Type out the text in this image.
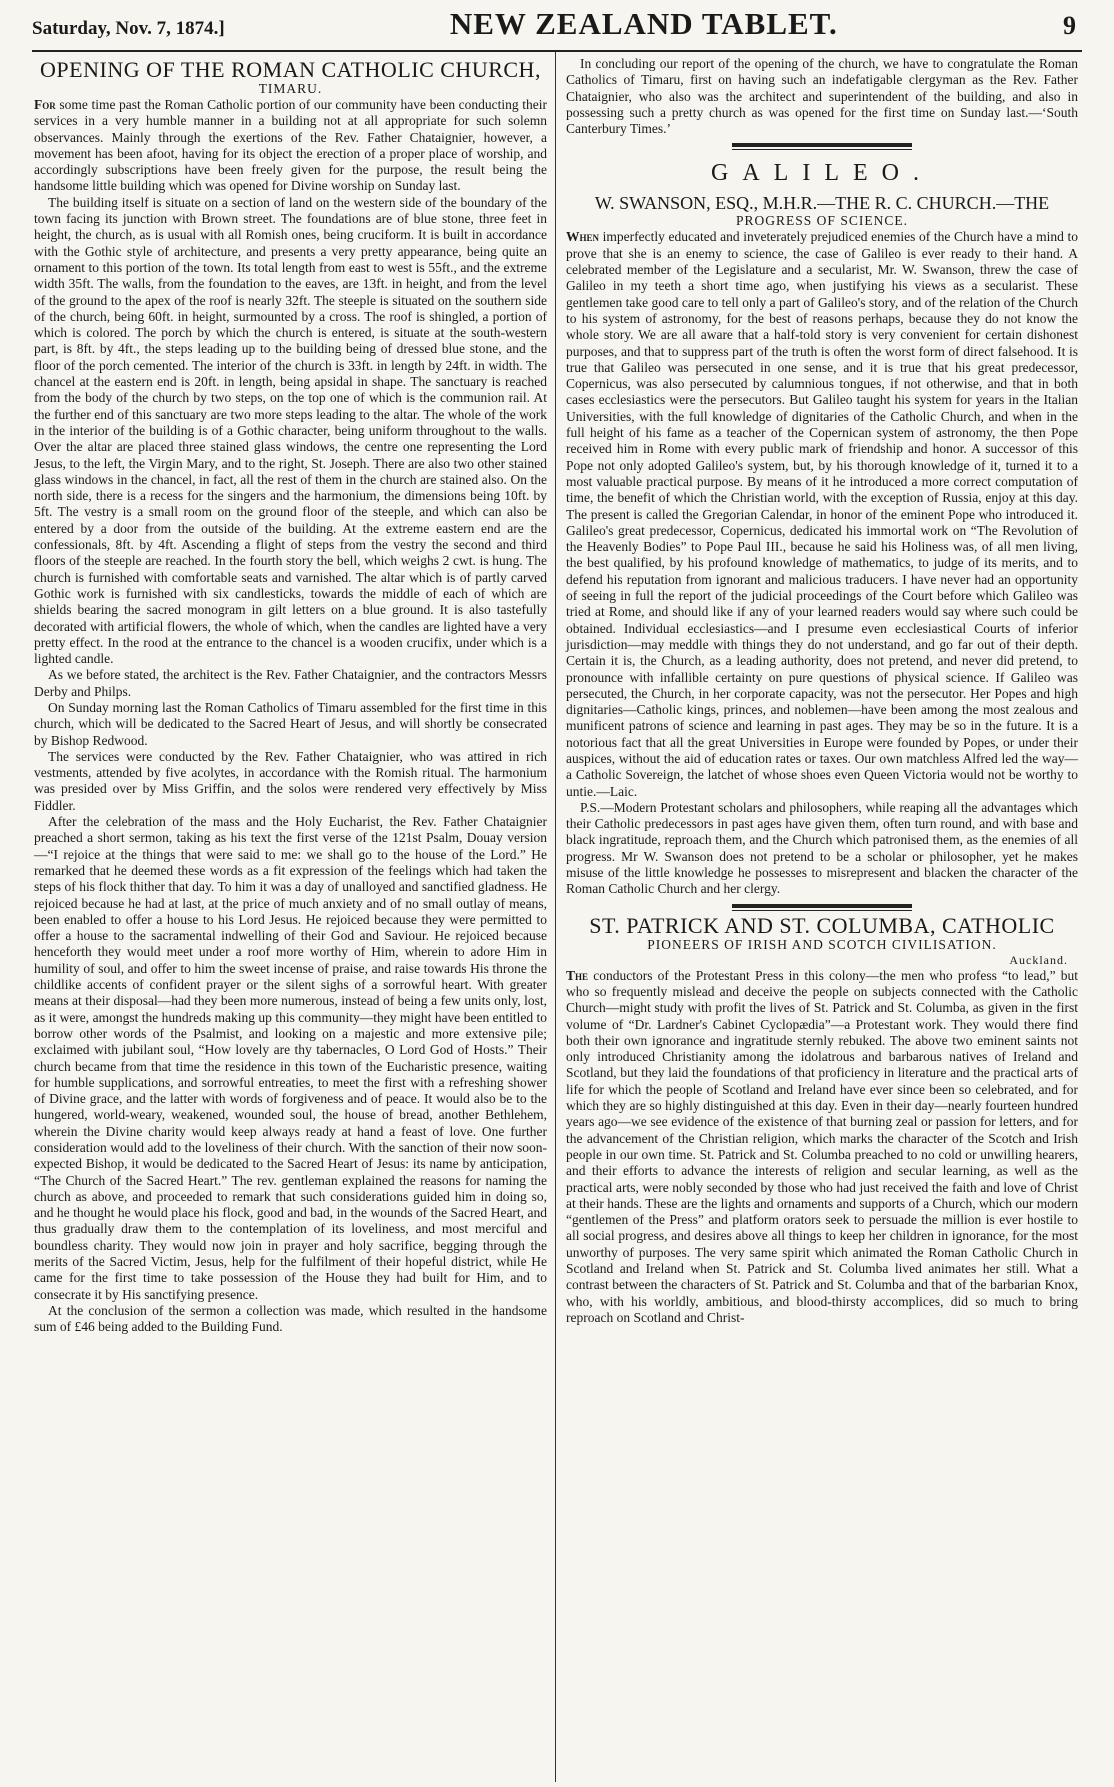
Saturday, Nov. 7, 1874.]	NEW ZEALAND TABLET.	9
OPENING OF THE ROMAN CATHOLIC CHURCH,
TIMARU.

For some time past the Roman Catholic portion of our community have been conducting their services in a very humble manner in a building not at all appropriate for such solemn observances. Mainly through the exertions of the Rev. Father Chataignier, however, a movement has been afoot, having for its object the erection of a proper place of worship, and accordingly subscriptions have been freely given for the purpose, the result being the handsome little building which was opened for Divine worship on Sunday last.

The building itself is situate on a section of land on the western side of the boundary of the town facing its junction with Brown street. The foundations are of blue stone, three feet in height, the church, as is usual with all Romish ones, being cruciform. It is built in accordance with the Gothic style of architecture, and presents a very pretty appearance, being quite an ornament to this portion of the town. Its total length from east to west is 55ft., and the extreme width 35ft. The walls, from the foundation to the eaves, are 13ft. in height, and from the level of the ground to the apex of the roof is nearly 32ft. The steeple is situated on the southern side of the church, being 60ft. in height, surmounted by a cross. The roof is shingled, a portion of which is colored. The porch by which the church is entered, is situate at the south-western part, is 8ft. by 4ft., the steps leading up to the building being of dressed blue stone, and the floor of the porch cemented. The interior of the church is 33ft. in length by 24ft. in width. The chancel at the eastern end is 20ft. in length, being apsidal in shape. The sanctuary is reached from the body of the church by two steps, on the top one of which is the communion rail. At the further end of this sanctuary are two more steps leading to the altar. The whole of the work in the interior of the building is of a Gothic character, being uniform throughout to the walls. Over the altar are placed three stained glass windows, the centre one representing the Lord Jesus, to the left, the Virgin Mary, and to the right, St. Joseph. There are also two other stained glass windows in the chancel, in fact, all the rest of them in the church are stained also. On the north side, there is a recess for the singers and the harmonium, the dimensions being 10ft. by 5ft. The vestry is a small room on the ground floor of the steeple, and which can also be entered by a door from the outside of the building. At the extreme eastern end are the confessionals, 8ft. by 4ft. Ascending a flight of steps from the vestry the second and third floors of the steeple are reached. In the fourth story the bell, which weighs 2 cwt. is hung. The church is furnished with comfortable seats and varnished. The altar which is of partly carved Gothic work is furnished with six candlesticks, towards the middle of each of which are shields bearing the sacred monogram in gilt letters on a blue ground. It is also tastefully decorated with artificial flowers, the whole of which, when the candles are lighted have a very pretty effect. In the rood at the entrance to the chancel is a wooden crucifix, under which is a lighted candle.

As we before stated, the architect is the Rev. Father Chataignier, and the contractors Messrs Derby and Philps.

On Sunday morning last the Roman Catholics of Timaru assembled for the first time in this church, which will be dedicated to the Sacred Heart of Jesus, and will shortly be consecrated by Bishop Redwood.

The services were conducted by the Rev. Father Chataignier, who was attired in rich vestments, attended by five acolytes, in accordance with the Romish ritual. The harmonium was presided over by Miss Griffin, and the solos were rendered very effectively by Miss Fiddler.

After the celebration of the mass and the Holy Eucharist, the Rev. Father Chataignier preached a short sermon, taking as his text the first verse of the 121st Psalm, Douay version—“I rejoice at the things that were said to me: we shall go to the house of the Lord.” He remarked that he deemed these words as a fit expression of the feelings which had taken the steps of his flock thither that day. To him it was a day of unalloyed and sanctified gladness. He rejoiced because he had at last, at the price of much anxiety and of no small outlay of means, been enabled to offer a house to his Lord Jesus. He rejoiced because they were permitted to offer a house to the sacramental indwelling of their God and Saviour. He rejoiced because henceforth they would meet under a roof more worthy of Him, wherein to adore Him in humility of soul, and offer to him the sweet incense of praise, and raise towards His throne the childlike accents of confident prayer or the silent sighs of a sorrowful heart. With greater means at their disposal—had they been more numerous, instead of being a few units only, lost, as it were, amongst the hundreds making up this community—they might have been entitled to borrow other words of the Psalmist, and looking on a majestic and more extensive pile; exclaimed with jubilant soul, “How lovely are thy tabernacles, O Lord God of Hosts.” Their church became from that time the residence in this town of the Eucharistic presence, waiting for humble supplications, and sorrowful entreaties, to meet the first with a refreshing shower of Divine grace, and the latter with words of forgiveness and of peace. It would also be to the hungered, world-weary, weakened, wounded soul, the house of bread, another Bethlehem, wherein the Divine charity would keep always ready at hand a feast of love. One further consideration would add to the loveliness of their church. With the sanction of their now soon-expected Bishop, it would be dedicated to the Sacred Heart of Jesus: its name by anticipation, “The Church of the Sacred Heart.” The rev. gentleman explained the reasons for naming the church as above, and proceeded to remark that such considerations guided him in doing so, and he thought he would place his flock, good and bad, in the wounds of the Sacred Heart, and thus gradually draw them to the contemplation of its loveliness, and most merciful and boundless charity. They would now join in prayer and holy sacrifice, begging through the merits of the Sacred Victim, Jesus, help for the fulfilment of their hopeful district, while He came for the first time to take possession of the House they had built for Him, and to consecrate it by His sanctifying presence.

At the conclusion of the sermon a collection was made, which resulted in the handsome sum of £46 being added to the Building Fund.

In concluding our report of the opening of the church, we have to congratulate the Roman Catholics of Timaru, first on having such an indefatigable clergyman as the Rev. Father Chataignier, who also was the architect and superintendent of the building, and also in possessing such a pretty church as was opened for the first time on Sunday last.—‘South Canterbury Times.’

GALILEO.
W. SWANSON, ESQ., M.H.R.—THE R. C. CHURCH.—THE
PROGRESS OF SCIENCE.

When imperfectly educated and inveterately prejudiced enemies of the Church have a mind to prove that she is an enemy to science, the case of Galileo is ever ready to their hand. A celebrated member of the Legislature and a secularist, Mr. W. Swanson, threw the case of Galileo in my teeth a short time ago, when justifying his views as a secularist. These gentlemen take good care to tell only a part of Galileo's story, and of the relation of the Church to his system of astronomy, for the best of reasons perhaps, because they do not know the whole story. We are all aware that a half-told story is very convenient for certain dishonest purposes, and that to suppress part of the truth is often the worst form of direct falsehood. It is true that Galileo was persecuted in one sense, and it is true that his great predecessor, Copernicus, was also persecuted by calumnious tongues, if not otherwise, and that in both cases ecclesiastics were the persecutors. But Galileo taught his system for years in the Italian Universities, with the full knowledge of dignitaries of the Catholic Church, and when in the full height of his fame as a teacher of the Copernican system of astronomy, the then Pope received him in Rome with every public mark of friendship and honor. A successor of this Pope not only adopted Galileo's system, but, by his thorough knowledge of it, turned it to a most valuable practical purpose. By means of it he introduced a more correct computation of time, the benefit of which the Christian world, with the exception of Russia, enjoy at this day. The present is called the Gregorian Calendar, in honor of the eminent Pope who introduced it. Galileo's great predecessor, Copernicus, dedicated his immortal work on “The Revolution of the Heavenly Bodies” to Pope Paul III., because he said his Holiness was, of all men living, the best qualified, by his profound knowledge of mathematics, to judge of its merits, and to defend his reputation from ignorant and malicious traducers. I have never had an opportunity of seeing in full the report of the judicial proceedings of the Court before which Galileo was tried at Rome, and should like if any of your learned readers would say where such could be obtained. Individual ecclesiastics—and I presume even ecclesiastical Courts of inferior jurisdiction—may meddle with things they do not understand, and go far out of their depth. Certain it is, the Church, as a leading authority, does not pretend, and never did pretend, to pronounce with infallible certainty on pure questions of physical science. If Galileo was persecuted, the Church, in her corporate capacity, was not the persecutor. Her Popes and high dignitaries—Catholic kings, princes, and noblemen—have been among the most zealous and munificent patrons of science and learning in past ages. They may be so in the future. It is a notorious fact that all the great Universities in Europe were founded by Popes, or under their auspices, without the aid of education rates or taxes. Our own matchless Alfred led the way—a Catholic Sovereign, the latchet of whose shoes even Queen Victoria would not be worthy to untie.—Laic.

P.S.—Modern Protestant scholars and philosophers, while reaping all the advantages which their Catholic predecessors in past ages have given them, often turn round, and with base and black ingratitude, reproach them, and the Church which patronised them, as the enemies of all progress. Mr W. Swanson does not pretend to be a scholar or philosopher, yet he makes misuse of the little knowledge he possesses to misrepresent and blacken the character of the Roman Catholic Church and her clergy.

ST. PATRICK AND ST. COLUMBA, CATHOLIC
PIONEERS OF IRISH AND SCOTCH CIVILISATION.
Auckland.

The conductors of the Protestant Press in this colony—the men who profess “to lead,” but who so frequently mislead and deceive the people on subjects connected with the Catholic Church—might study with profit the lives of St. Patrick and St. Columba, as given in the first volume of “Dr. Lardner's Cabinet Cyclopædia”—a Protestant work. They would there find both their own ignorance and ingratitude sternly rebuked. The above two eminent saints not only introduced Christianity among the idolatrous and barbarous natives of Ireland and Scotland, but they laid the foundations of that proficiency in literature and the practical arts of life for which the people of Scotland and Ireland have ever since been so celebrated, and for which they are so highly distinguished at this day. Even in their day—nearly fourteen hundred years ago—we see evidence of the existence of that burning zeal or passion for letters, and for the advancement of the Christian religion, which marks the character of the Scotch and Irish people in our own time. St. Patrick and St. Columba preached to no cold or unwilling hearers, and their efforts to advance the interests of religion and secular learning, as well as the practical arts, were nobly seconded by those who had just received the faith and love of Christ at their hands. These are the lights and ornaments and supports of a Church, which our modern “gentlemen of the Press” and platform orators seek to persuade the million is ever hostile to all social progress, and desires above all things to keep her children in ignorance, for the most unworthy of purposes. The very same spirit which animated the Roman Catholic Church in Scotland and Ireland when St. Patrick and St. Columba lived animates her still. What a contrast between the characters of St. Patrick and St. Columba and that of the barbarian Knox, who, with his worldly, ambitious, and blood-thirsty accomplices, did so much to bring reproach on Scotland and Christ-
